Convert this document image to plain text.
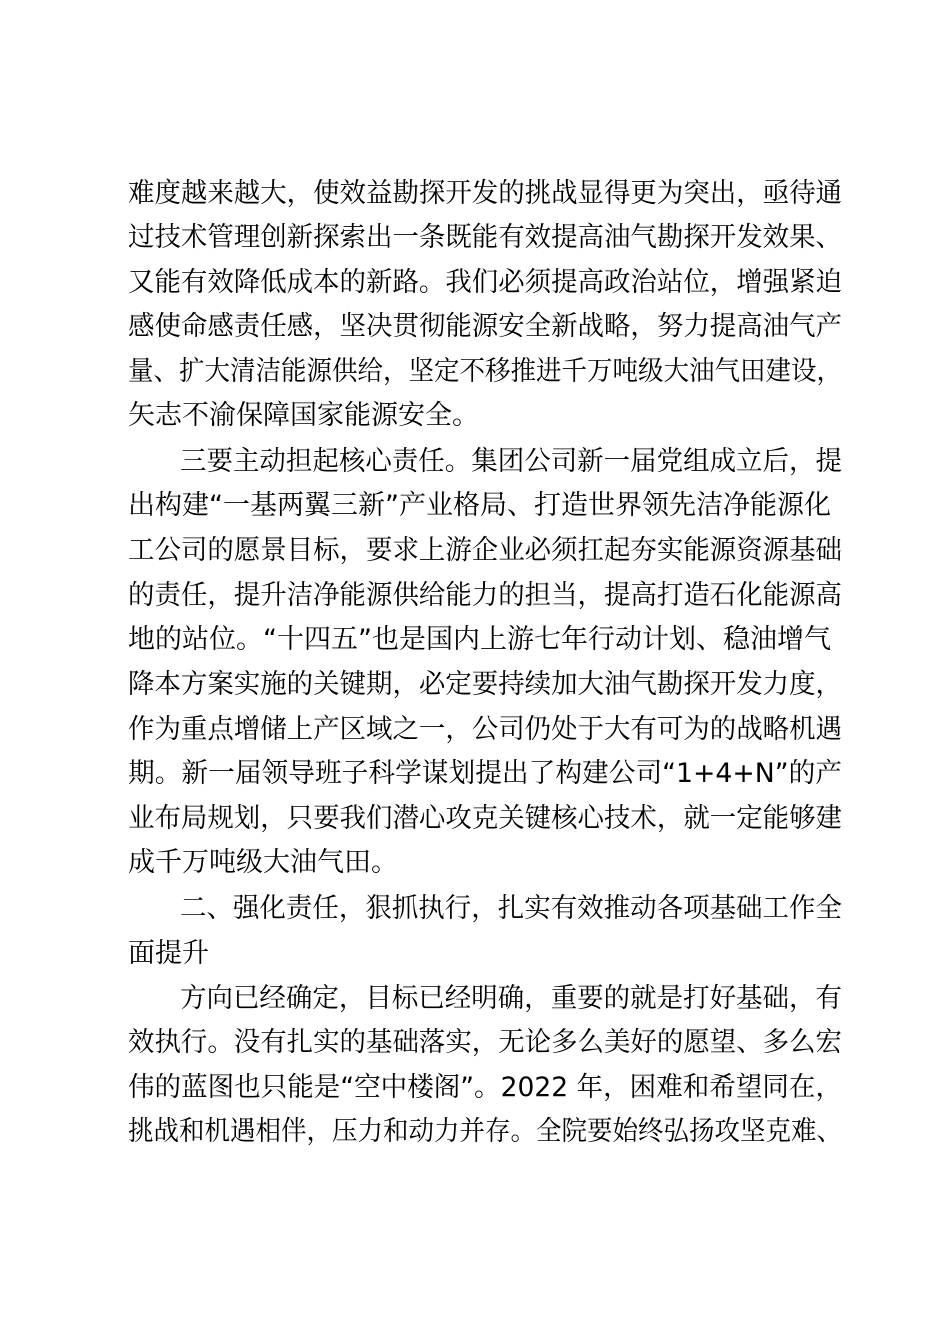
难度越来越大，使效益勘探开发的挑战显得更为突出，亟待通
过技术管理创新探索出一条既能有效提高油气勘探开发效果、
又能有效降低成本的新路。我们必须提高政治站位，增强紧迫
感使命感责任感，坚决贯彻能源安全新战略，努力提高油气产
量、扩大清洁能源供给，坚定不移推进千万吨级大油气田建设，
矢志不渝保障国家能源安全。
三要主动担起核心责任。集团公司新一届党组成立后，提
出构建“一基两翼三新”产业格局、打造世界领先洁净能源化
工公司的愿景目标，要求上游企业必须扛起夯实能源资源基础
的责任，提升洁净能源供给能力的担当，提高打造石化能源高
地的站位。“十四五”也是国内上游七年行动计划、稳油增气
降本方案实施的关键期，必定要持续加大油气勘探开发力度，
作为重点增储上产区域之一，公司仍处于大有可为的战略机遇
期。新一届领导班子科学谋划提出了构建公司“1+4+N”的产
业布局规划，只要我们潜心攻克关键核心技术，就一定能够建
成千万吨级大油气田。
二、强化责任，狠抓执行，扎实有效推动各项基础工作全
面提升
方向已经确定，目标已经明确，重要的就是打好基础，有
效执行。没有扎实的基础落实，无论多么美好的愿望、多么宏
伟的蓝图也只能是“空中楼阁”。2022 年，困难和希望同在，
挑战和机遇相伴，压力和动力并存。全院要始终弘扬攻坚克难、
